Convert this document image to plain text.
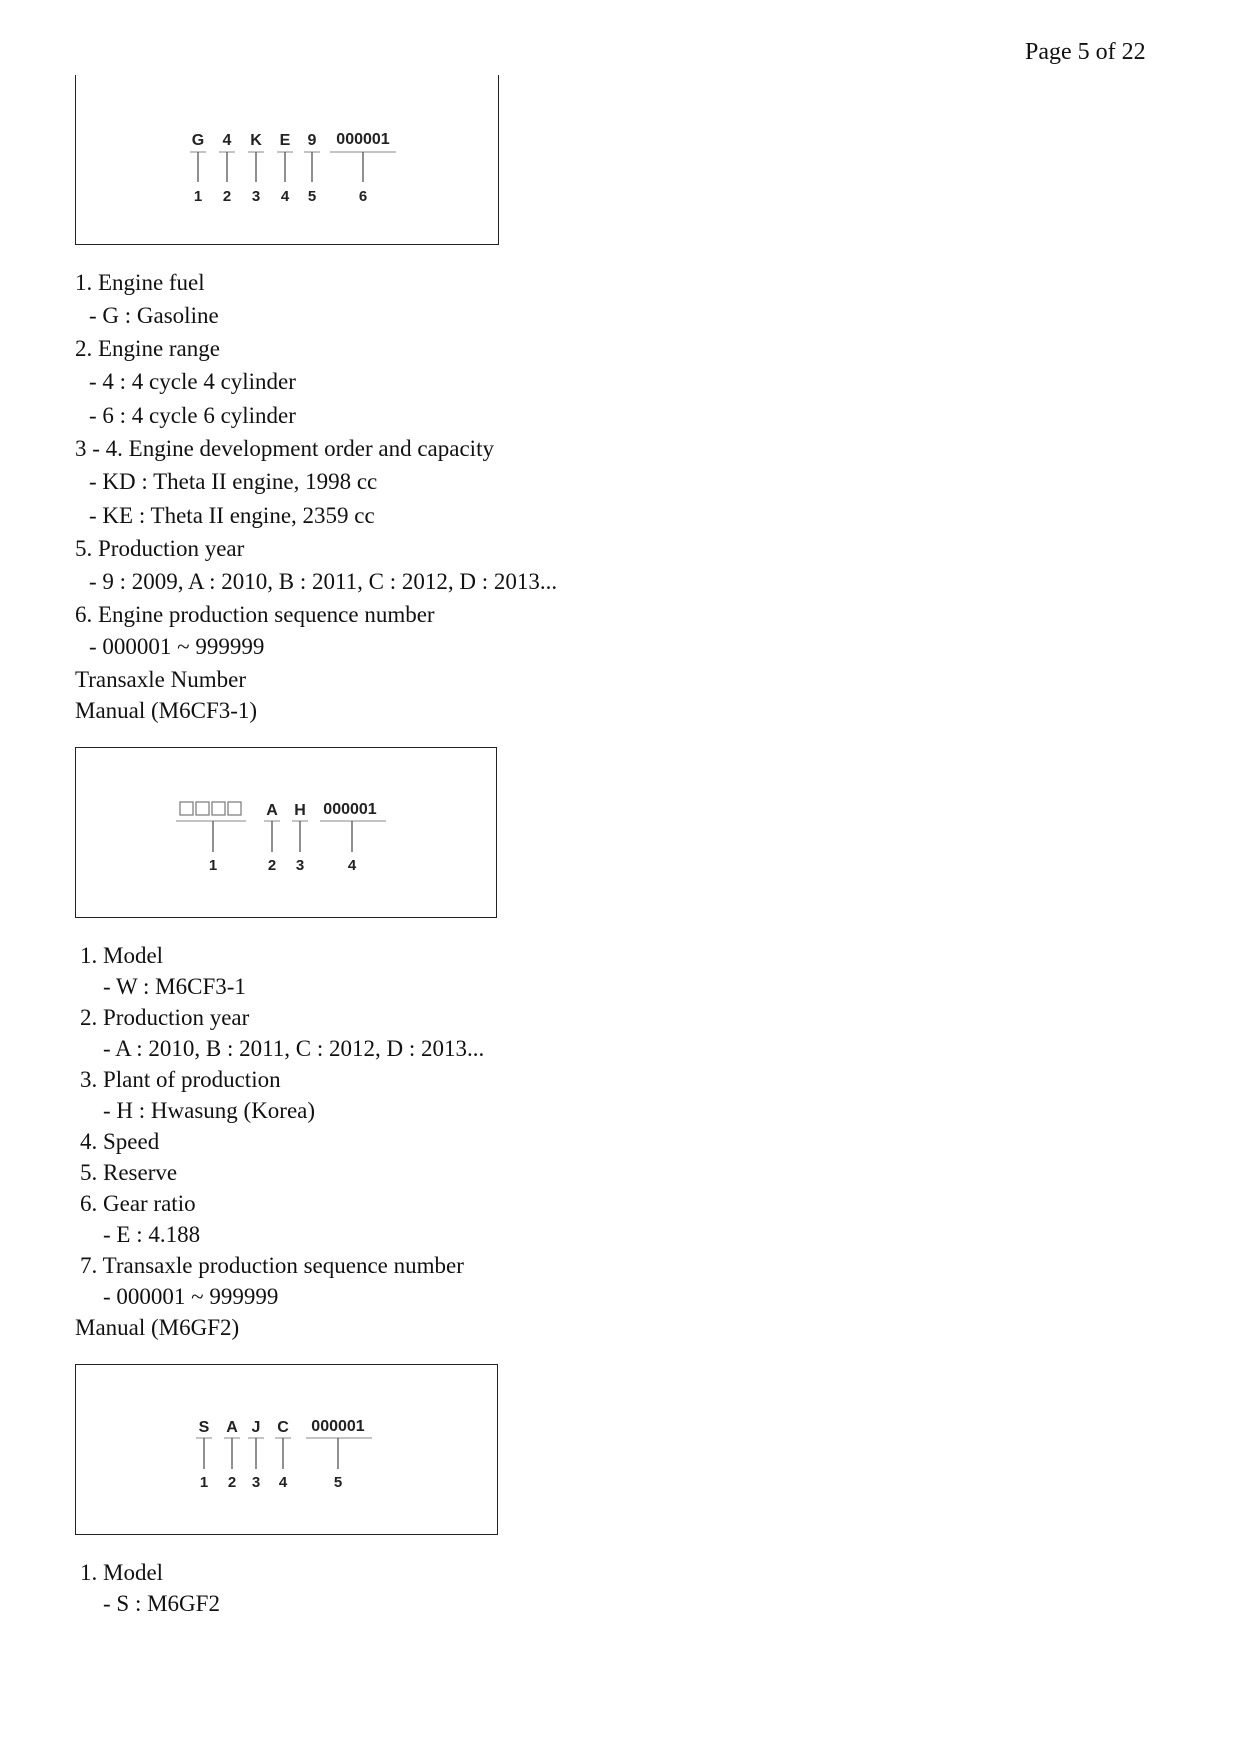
Page 5 of 22
G 4 K E 9 000001
1 2 3 4 5	6
1. Engine fuel
- G : Gasoline
2. Engine range
- 4 : 4 cycle 4 cylinder
- 6 : 4 cycle 6 cylinder
3 - 4. Engine development order and capacity
- KD : Theta II engine, 1998 cc
- KE : Theta II engine, 2359 cc
5. Production year
- 9 : 2009, A : 2010, B : 2011, C : 2012, D : 2013...
6. Engine production sequence number
- 000001 ~ 999999
Transaxle Number
Manual (M6CF3-1)
A H 000001
1	2 3	4
1. Model
- W : M6CF3-1
2. Production year
- A : 2010, B : 2011, C : 2012, D : 2013...
3. Plant of production
- H : Hwasung (Korea)
4. Speed
5. Reserve
6. Gear ratio
- E : 4.188
7. Transaxle production sequence number
- 000001 ~ 999999
Manual (M6GF2)
S A J C 000001
1 2 3 4	5
1. Model
- S : M6GF2
